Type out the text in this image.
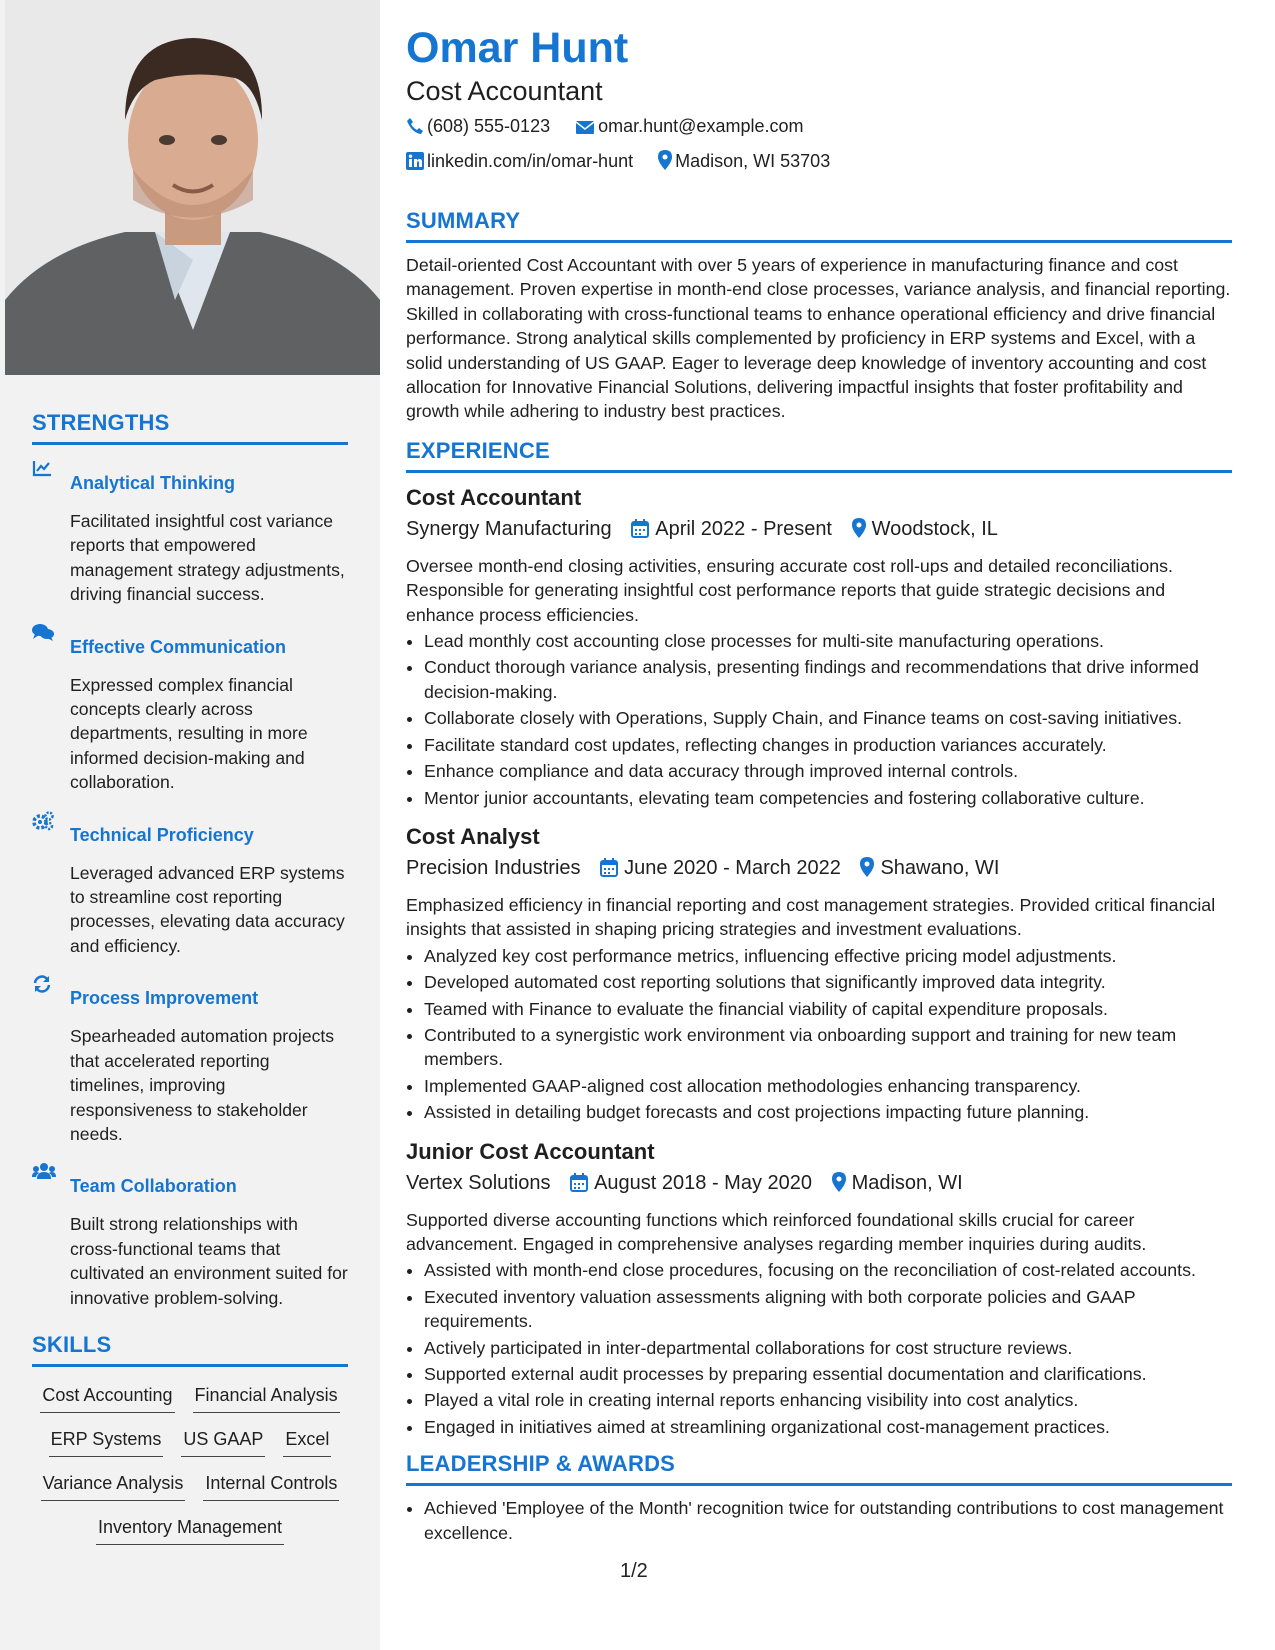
STRENGTHS
Analytical Thinking
Facilitated insightful cost variance reports that empowered management strategy adjustments, driving financial success.
Effective Communication
Expressed complex financial concepts clearly across departments, resulting in more informed decision-making and collaboration.
Technical Proficiency
Leveraged advanced ERP systems to streamline cost reporting processes, elevating data accuracy and efficiency.
Process Improvement
Spearheaded automation projects that accelerated reporting timelines, improving responsiveness to stakeholder needs.
Team Collaboration
Built strong relationships with cross-functional teams that cultivated an environment suited for innovative problem-solving.
SKILLS
Cost Accounting Financial Analysis
ERP Systems US GAAP Excel
Variance Analysis Internal Controls
Inventory Management
Omar Hunt
Cost Accountant
(608) 555-0123	omar.hunt@example.com
linkedin.com/in/omar-hunt Madison, WI 53703
SUMMARY
Detail-oriented Cost Accountant with over 5 years of experience in manufacturing finance and cost management. Proven expertise in month-end close processes, variance analysis, and financial reporting. Skilled in collaborating with cross-functional teams to enhance operational efficiency and drive financial performance. Strong analytical skills complemented by proficiency in ERP systems and Excel, with a solid understanding of US GAAP. Eager to leverage deep knowledge of inventory accounting and cost allocation for Innovative Financial Solutions, delivering impactful insights that foster profitability and growth while adhering to industry best practices.
EXPERIENCE
Cost Accountant
Synergy Manufacturing April 2022 - Present Woodstock, IL
Oversee month-end closing activities, ensuring accurate cost roll-ups and detailed reconciliations. Responsible for generating insightful cost performance reports that guide strategic decisions and enhance process efficiencies.
• Lead monthly cost accounting close processes for multi-site manufacturing operations.
• Conduct thorough variance analysis, presenting findings and recommendations that drive informed decision-making.
• Collaborate closely with Operations, Supply Chain, and Finance teams on cost-saving initiatives.
• Facilitate standard cost updates, reflecting changes in production variances accurately.
• Enhance compliance and data accuracy through improved internal controls.
• Mentor junior accountants, elevating team competencies and fostering collaborative culture.
Cost Analyst
Precision Industries June 2020 - March 2022 Shawano, WI
Emphasized efficiency in financial reporting and cost management strategies. Provided critical financial insights that assisted in shaping pricing strategies and investment evaluations.
• Analyzed key cost performance metrics, influencing effective pricing model adjustments.
• Developed automated cost reporting solutions that significantly improved data integrity.
• Teamed with Finance to evaluate the financial viability of capital expenditure proposals.
• Contributed to a synergistic work environment via onboarding support and training for new team members.
• Implemented GAAP-aligned cost allocation methodologies enhancing transparency.
• Assisted in detailing budget forecasts and cost projections impacting future planning.
Junior Cost Accountant
Vertex Solutions August 2018 - May 2020 Madison, WI
Supported diverse accounting functions which reinforced foundational skills crucial for career advancement. Engaged in comprehensive analyses regarding member inquiries during audits.
• Assisted with month-end close procedures, focusing on the reconciliation of cost-related accounts.
• Executed inventory valuation assessments aligning with both corporate policies and GAAP requirements.
• Actively participated in inter-departmental collaborations for cost structure reviews.
• Supported external audit processes by preparing essential documentation and clarifications.
• Played a vital role in creating internal reports enhancing visibility into cost analytics.
• Engaged in initiatives aimed at streamlining organizational cost-management practices.
LEADERSHIP & AWARDS
• Achieved 'Employee of the Month' recognition twice for outstanding contributions to cost management excellence.
1/2
